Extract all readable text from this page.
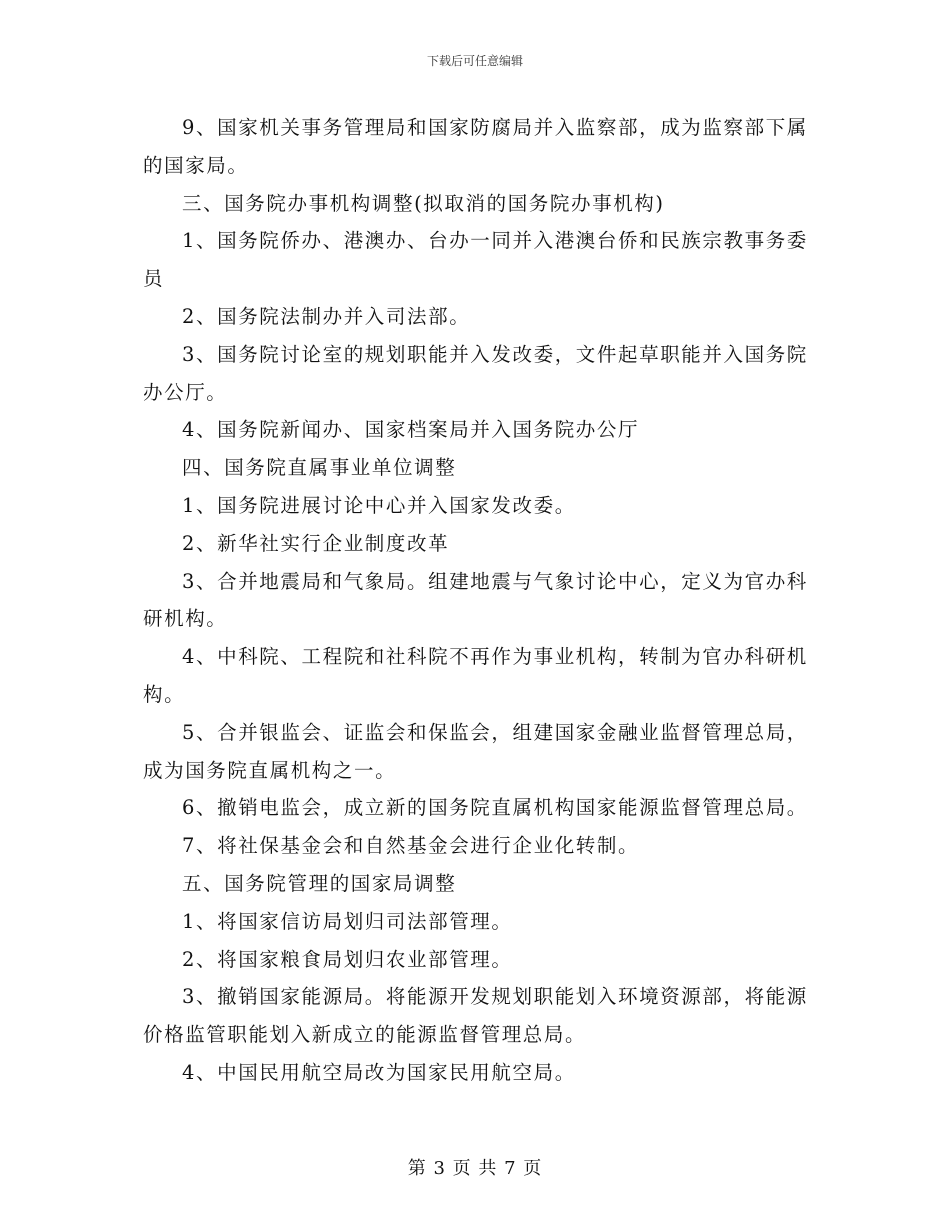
下载后可任意编辑

9、国家机关事务管理局和国家防腐局并入监察部，成为监察部下属的国家局。

三、国务院办事机构调整(拟取消的国务院办事机构)

1、国务院侨办、港澳办、台办一同并入港澳台侨和民族宗教事务委员

2、国务院法制办并入司法部。

3、国务院讨论室的规划职能并入发改委，文件起草职能并入国务院办公厅。

4、国务院新闻办、国家档案局并入国务院办公厅

四、国务院直属事业单位调整

1、国务院进展讨论中心并入国家发改委。

2、新华社实行企业制度改革

3、合并地震局和气象局。组建地震与气象讨论中心，定义为官办科研机构。

4、中科院、工程院和社科院不再作为事业机构，转制为官办科研机构。

5、合并银监会、证监会和保监会，组建国家金融业监督管理总局，成为国务院直属机构之一。

6、撤销电监会，成立新的国务院直属机构国家能源监督管理总局。

7、将社保基金会和自然基金会进行企业化转制。

五、国务院管理的国家局调整

1、将国家信访局划归司法部管理。

2、将国家粮食局划归农业部管理。

3、撤销国家能源局。将能源开发规划职能划入环境资源部，将能源价格监管职能划入新成立的能源监督管理总局。

4、中国民用航空局改为国家民用航空局。

第 3 页 共 7 页
